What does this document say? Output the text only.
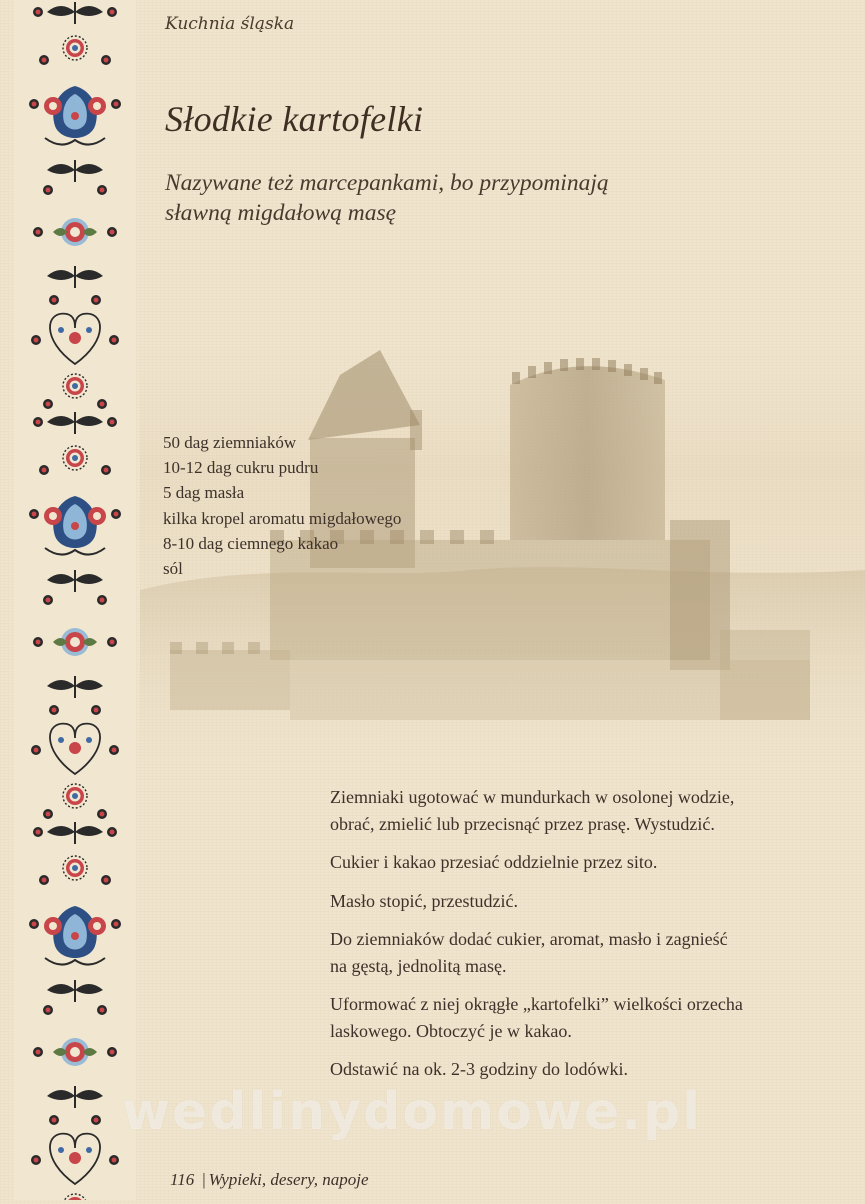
Kuchnia śląska
Słodkie kartofelki
Nazywane też marcepankami, bo przypominają
sławną migdałową masę
50 dag ziemniaków
10-12 dag cukru pudru
5 dag masła
kilka kropel aromatu migdałowego
8-10 dag ciemnego kakao
sól

Ziemniaki ugotować w mundurkach w osolonej wodzie,
obrać, zmielić lub przecisnąć przez prasę. Wystudzić.

Cukier i kakao przesiać oddzielnie przez sito.

Masło stopić, przestudzić.

Do ziemniaków dodać cukier, aromat, masło i zagnieść
na gęstą, jednolitą masę.

Uformować z niej okrągłe „kartofelki” wielkości orzecha
laskowego. Obtoczyć je w kakao.

Odstawić na ok. 2-3 godziny do lodówki.

wedlinydomowe.pl
116 | Wypieki, desery, napoje
